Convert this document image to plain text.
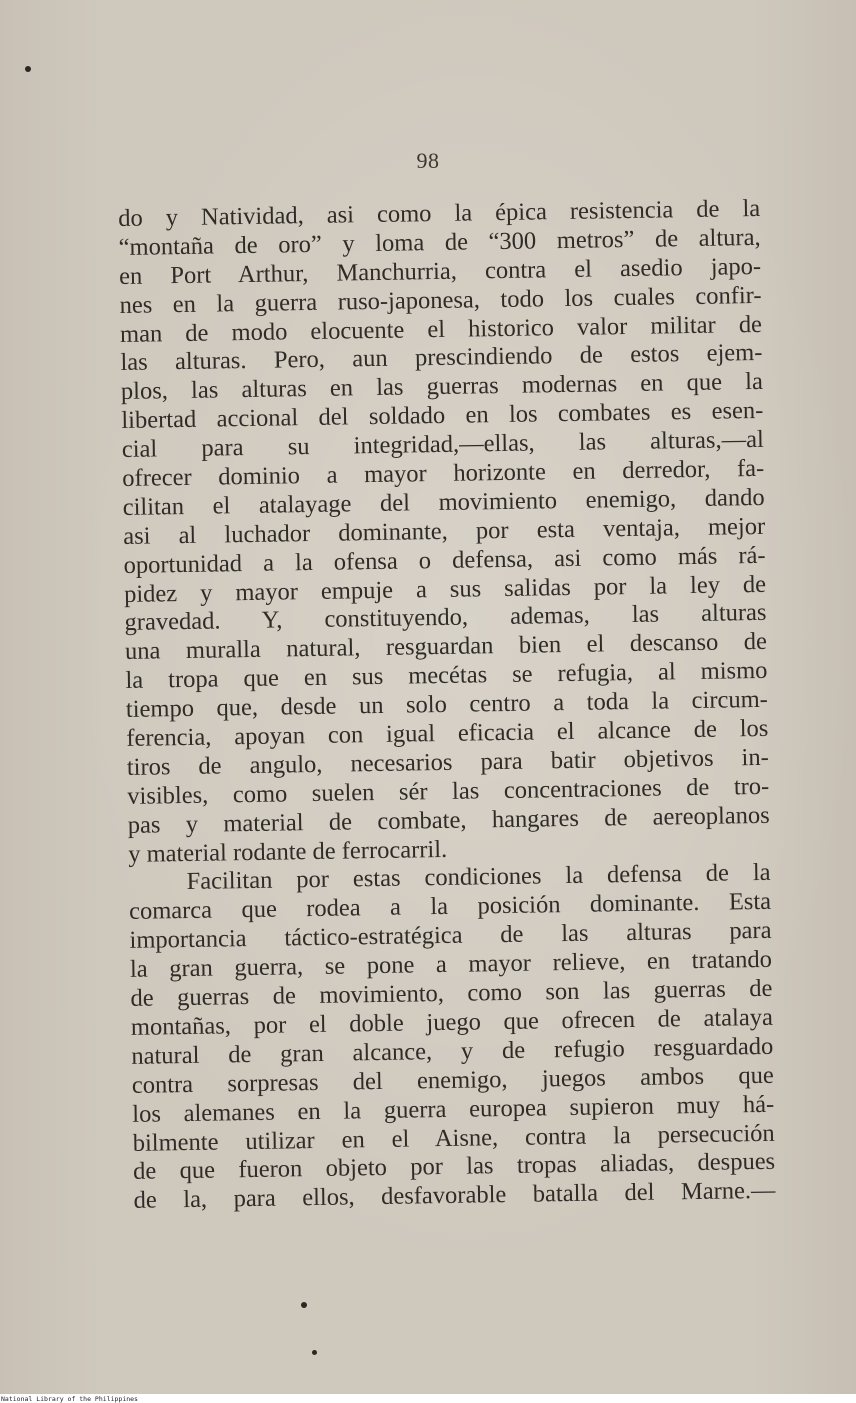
98
do y Natividad, asi como la épica resistencia de la
“montaña de oro” y loma de “300 metros” de altura,
en Port Arthur, Manchurria, contra el asedio japo-
nes en la guerra ruso-japonesa, todo los cuales confir-
man de modo elocuente el historico valor militar de
las alturas. Pero, aun prescindiendo de estos ejem-
plos, las alturas en las guerras modernas en que la
libertad accional del soldado en los combates es esen-
cial para su integridad,—ellas, las alturas,—al
ofrecer dominio a mayor horizonte en derredor, fa-
cilitan el atalayage del movimiento enemigo, dando
asi al luchador dominante, por esta ventaja, mejor
oportunidad a la ofensa o defensa, asi como más rá-
pidez y mayor empuje a sus salidas por la ley de
gravedad. Y, constituyendo, ademas, las alturas
una muralla natural, resguardan bien el descanso de
la tropa que en sus mecétas se refugia, al mismo
tiempo que, desde un solo centro a toda la circum-
ferencia, apoyan con igual eficacia el alcance de los
tiros de angulo, necesarios para batir objetivos in-
visibles, como suelen sér las concentraciones de tro-
pas y material de combate, hangares de aereoplanos
y material rodante de ferrocarril.
Facilitan por estas condiciones la defensa de la
comarca que rodea a la posición dominante. Esta
importancia táctico-estratégica de las alturas para
la gran guerra, se pone a mayor relieve, en tratando
de guerras de movimiento, como son las guerras de
montañas, por el doble juego que ofrecen de atalaya
natural de gran alcance, y de refugio resguardado
contra sorpresas del enemigo, juegos ambos que
los alemanes en la guerra europea supieron muy há-
bilmente utilizar en el Aisne, contra la persecución
de que fueron objeto por las tropas aliadas, despues
de la, para ellos, desfavorable batalla del Marne.—
National Library of the Philippines
